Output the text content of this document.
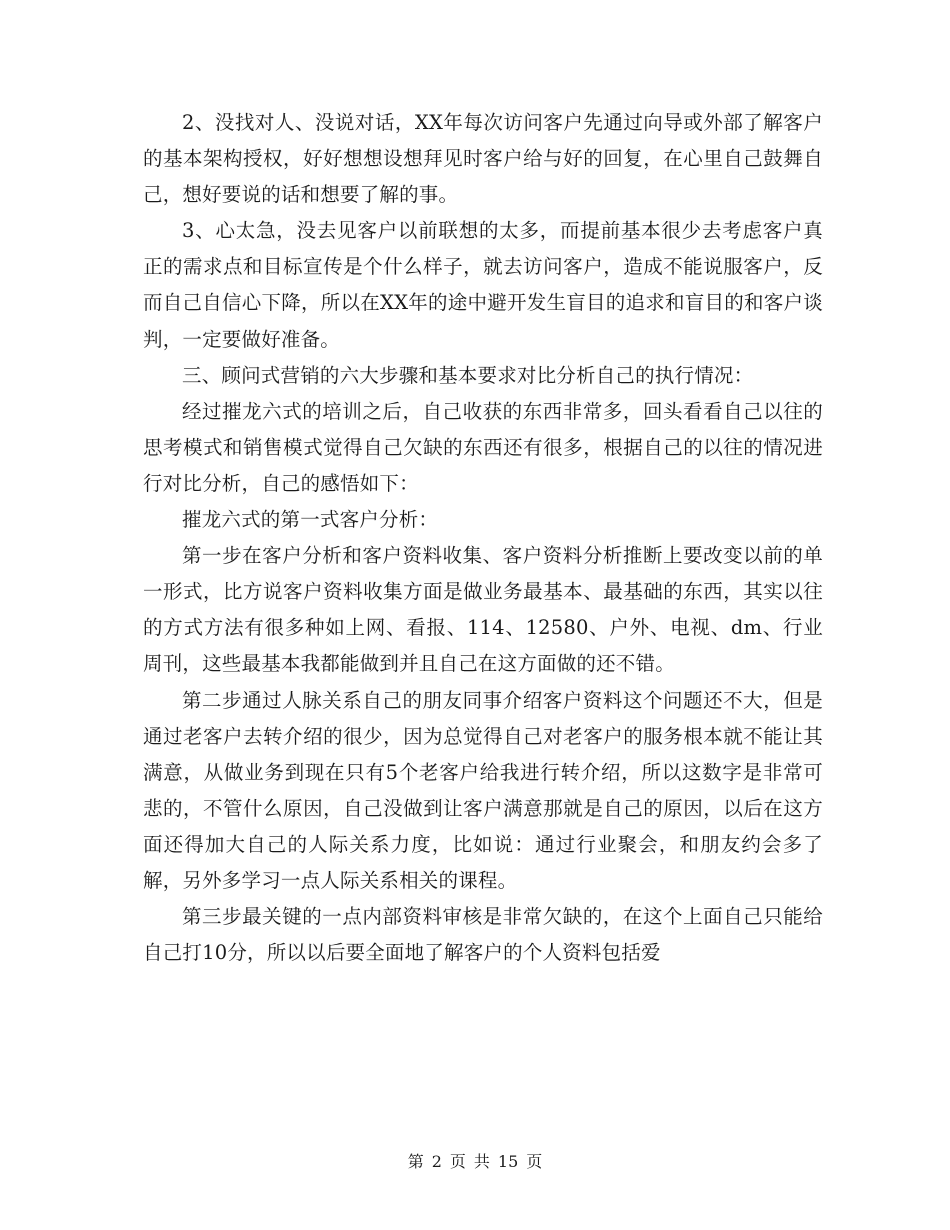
2、没找对人、没说对话，XX年每次访问客户先通过向导或外部了解客户的基本架构授权，好好想想设想拜见时客户给与好的回复，在心里自己鼓舞自己，想好要说的话和想要了解的事。

3、心太急，没去见客户以前联想的太多，而提前基本很少去考虑客户真正的需求点和目标宣传是个什么样子，就去访问客户，造成不能说服客户，反而自己自信心下降，所以在XX年的途中避开发生盲目的追求和盲目的和客户谈判，一定要做好准备。

三、顾问式营销的六大步骤和基本要求对比分析自己的执行情况：

经过摧龙六式的培训之后，自己收获的东西非常多，回头看看自己以往的思考模式和销售模式觉得自己欠缺的东西还有很多，根据自己的以往的情况进行对比分析，自己的感悟如下：

摧龙六式的第一式客户分析：

第一步在客户分析和客户资料收集、客户资料分析推断上要改变以前的单一形式，比方说客户资料收集方面是做业务最基本、最基础的东西，其实以往的方式方法有很多种如上网、看报、114、12580、户外、电视、dm、行业周刊，这些最基本我都能做到并且自己在这方面做的还不错。

第二步通过人脉关系自己的朋友同事介绍客户资料这个问题还不大，但是通过老客户去转介绍的很少，因为总觉得自己对老客户的服务根本就不能让其满意，从做业务到现在只有5个老客户给我进行转介绍，所以这数字是非常可悲的，不管什么原因，自己没做到让客户满意那就是自己的原因，以后在这方面还得加大自己的人际关系力度，比如说：通过行业聚会，和朋友约会多了解，另外多学习一点人际关系相关的课程。

第三步最关键的一点内部资料审核是非常欠缺的，在这个上面自己只能给自己打10分，所以以后要全面地了解客户的个人资料包括爱

第 2 页 共 15 页
